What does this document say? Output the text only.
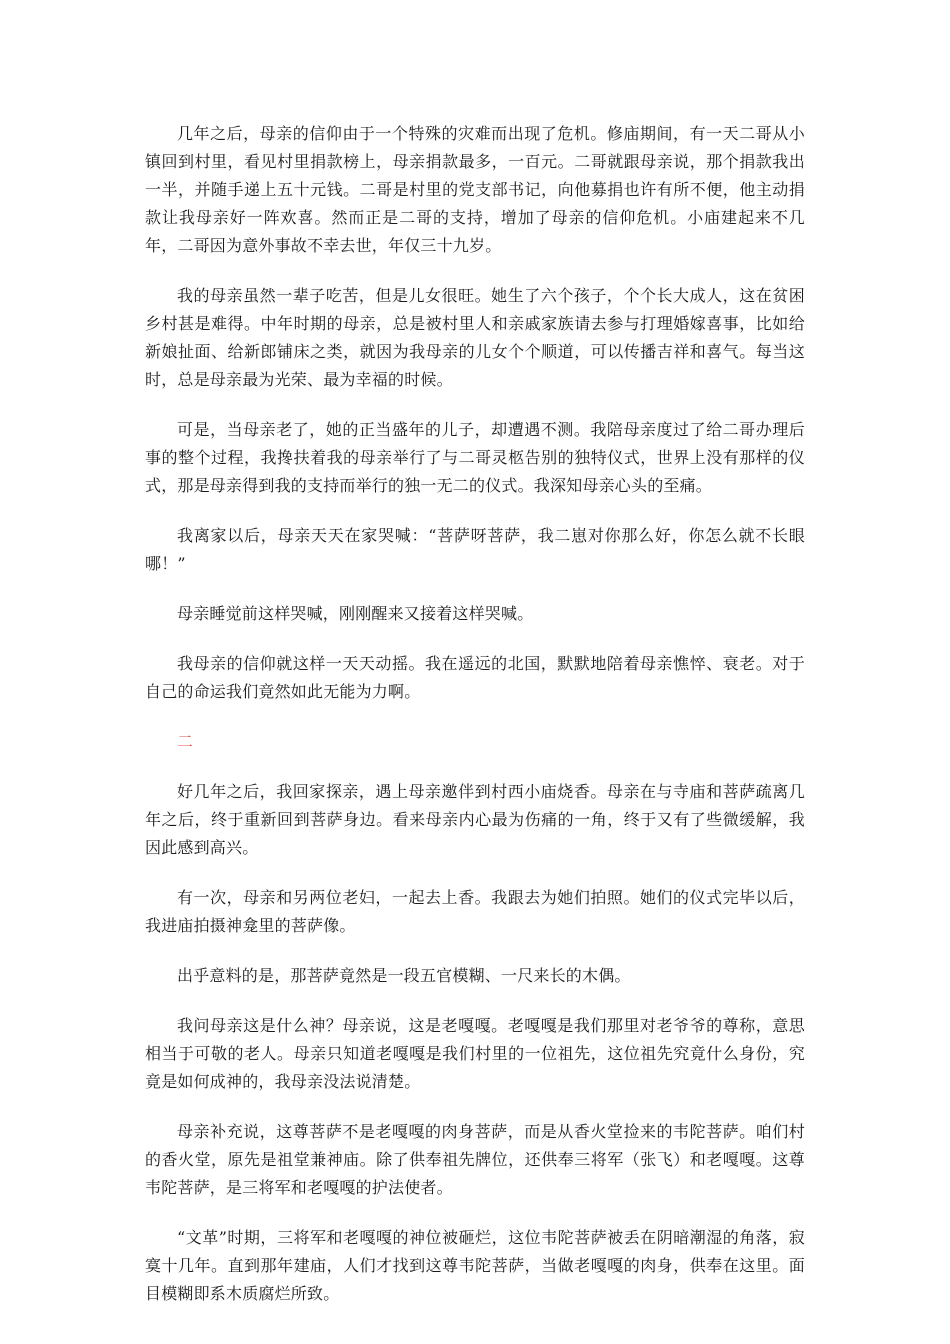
几年之后，母亲的信仰由于一个特殊的灾难而出现了危机。修庙期间，有一天二哥从小镇回到村里，看见村里捐款榜上，母亲捐款最多，一百元。二哥就跟母亲说，那个捐款我出一半，并随手递上五十元钱。二哥是村里的党支部书记，向他募捐也许有所不便，他主动捐款让我母亲好一阵欢喜。然而正是二哥的支持，增加了母亲的信仰危机。小庙建起来不几年，二哥因为意外事故不幸去世，年仅三十九岁。

我的母亲虽然一辈子吃苦，但是儿女很旺。她生了六个孩子，个个长大成人，这在贫困乡村甚是难得。中年时期的母亲，总是被村里人和亲戚家族请去参与打理婚嫁喜事，比如给新娘扯面、给新郎铺床之类，就因为我母亲的儿女个个顺道，可以传播吉祥和喜气。每当这时，总是母亲最为光荣、最为幸福的时候。

可是，当母亲老了，她的正当盛年的儿子，却遭遇不测。我陪母亲度过了给二哥办理后事的整个过程，我搀扶着我的母亲举行了与二哥灵柩告别的独特仪式，世界上没有那样的仪式，那是母亲得到我的支持而举行的独一无二的仪式。我深知母亲心头的至痛。

我离家以后，母亲天天在家哭喊：“菩萨呀菩萨，我二崽对你那么好，你怎么就不长眼哪！”

母亲睡觉前这样哭喊，刚刚醒来又接着这样哭喊。

我母亲的信仰就这样一天天动摇。我在遥远的北国，默默地陪着母亲憔悴、衰老。对于自己的命运我们竟然如此无能为力啊。

二

好几年之后，我回家探亲，遇上母亲邀伴到村西小庙烧香。母亲在与寺庙和菩萨疏离几年之后，终于重新回到菩萨身边。看来母亲内心最为伤痛的一角，终于又有了些微缓解，我因此感到高兴。

有一次，母亲和另两位老妇，一起去上香。我跟去为她们拍照。她们的仪式完毕以后，我进庙拍摄神龛里的菩萨像。

出乎意料的是，那菩萨竟然是一段五官模糊、一尺来长的木偶。

我问母亲这是什么神？母亲说，这是老嘎嘎。老嘎嘎是我们那里对老爷爷的尊称，意思相当于可敬的老人。母亲只知道老嘎嘎是我们村里的一位祖先，这位祖先究竟什么身份，究竟是如何成神的，我母亲没法说清楚。

母亲补充说，这尊菩萨不是老嘎嘎的肉身菩萨，而是从香火堂捡来的韦陀菩萨。咱们村的香火堂，原先是祖堂兼神庙。除了供奉祖先牌位，还供奉三将军（张飞）和老嘎嘎。这尊韦陀菩萨，是三将军和老嘎嘎的护法使者。

“文革”时期，三将军和老嘎嘎的神位被砸烂，这位韦陀菩萨被丢在阴暗潮湿的角落，寂寞十几年。直到那年建庙，人们才找到这尊韦陀菩萨，当做老嘎嘎的肉身，供奉在这里。面目模糊即系木质腐烂所致。
